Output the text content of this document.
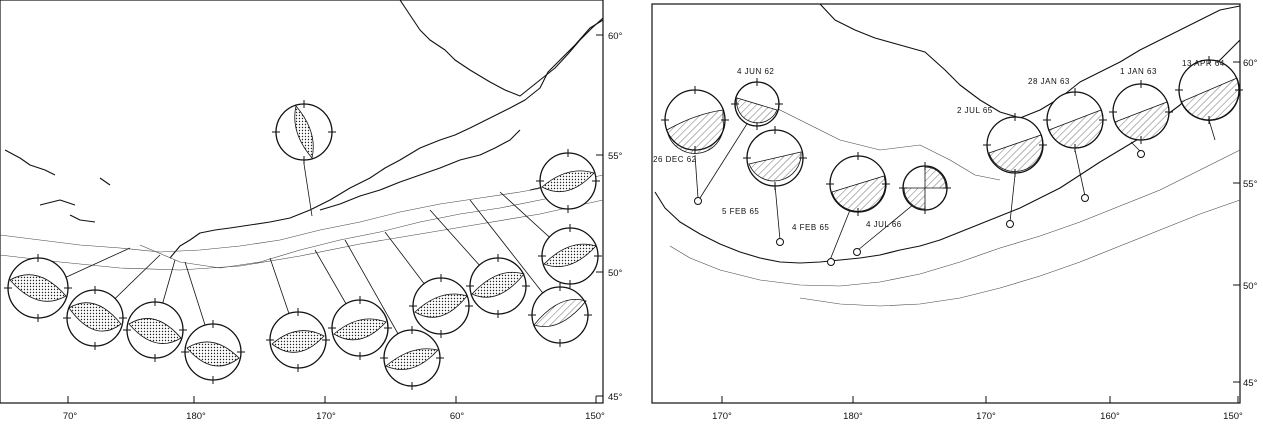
70°	180°	170°	60°	150°
60°
55°
50°
45°
26 DEC 62
4 JUN 62
5 FEB 65
4 FEB 65	4 JUL 66
2 JUL 65
28 JAN 63
1 JAN 63
13 APR 64
170°	180°	170°	160°	150°
60°
55°
50°
45°
